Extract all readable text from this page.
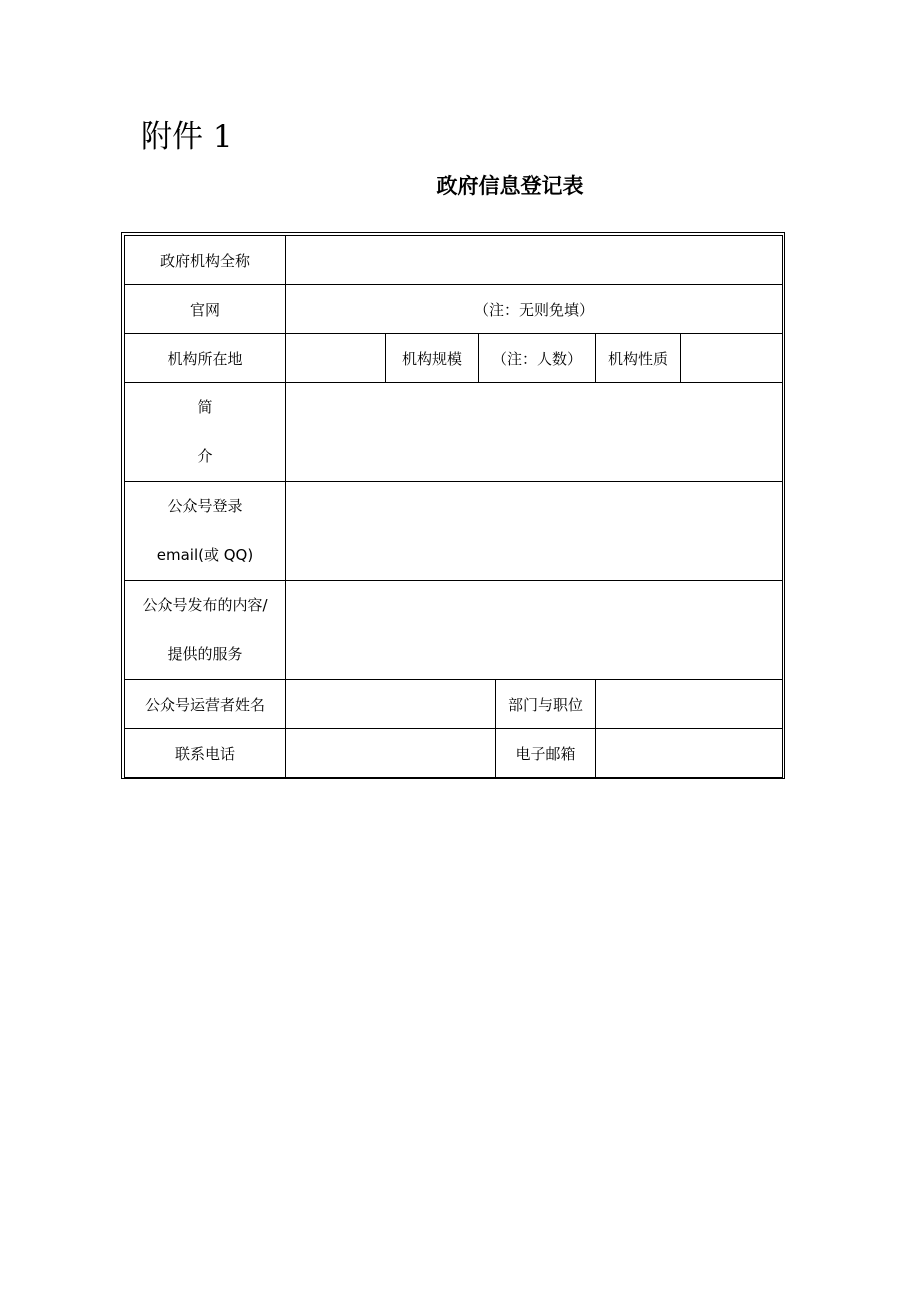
附件 1
政府信息登记表
政府机构全称						
官网	（注：无则免填）					
机构所在地		机构规模	（注：人数）		机构性质	

简
介						

公众号登录
email(或 QQ)						

公众号发布的内容/
提供的服务						

公众号运营者姓名				部门与职位		
联系电话				电子邮箱		
